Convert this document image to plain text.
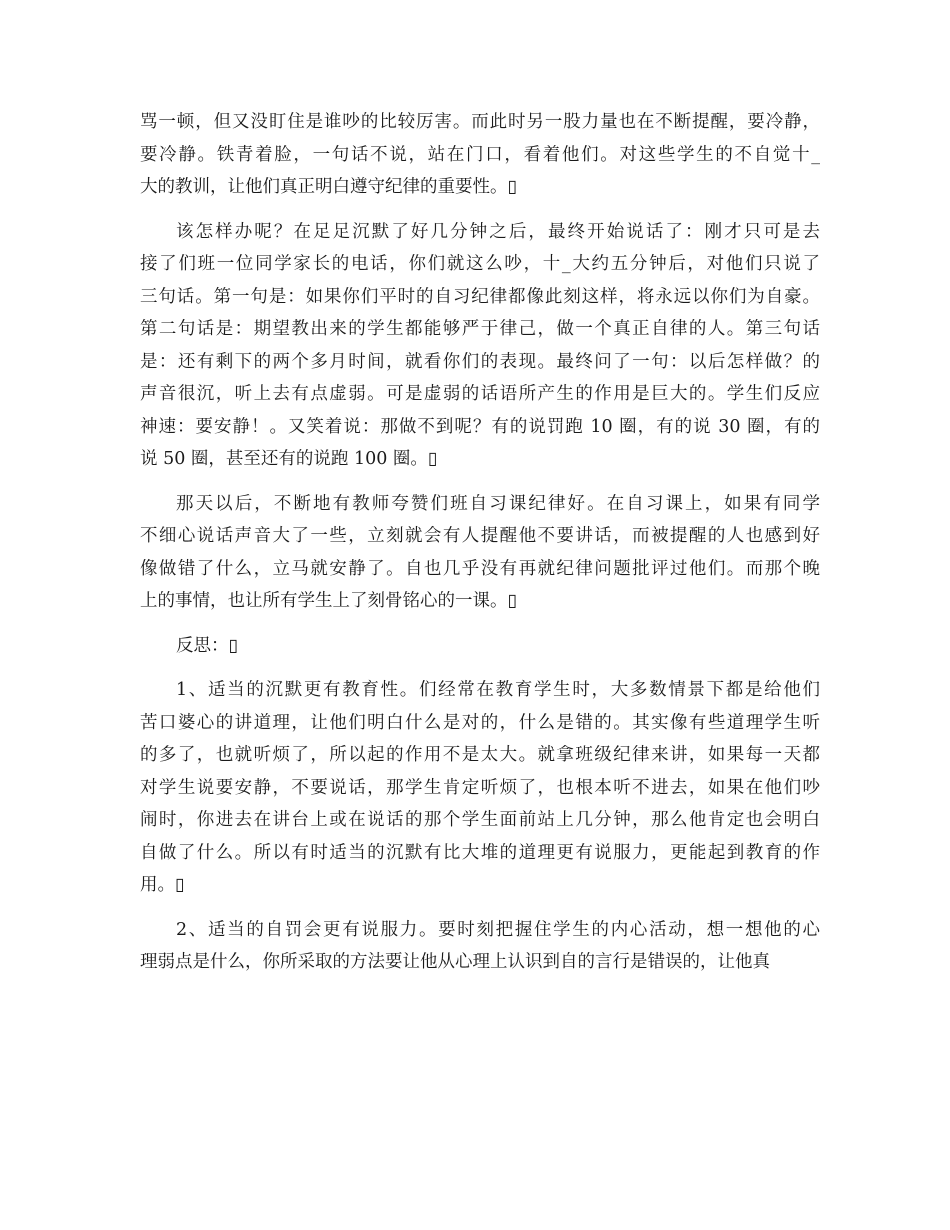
骂一顿，但又没盯住是谁吵的比较厉害。而此时另一股力量也在不断提醒，要冷静，
要冷静。铁青着脸，一句话不说，站在门口，看着他们。对这些学生的不自觉十_
大的教训，让他们真正明白遵守纪律的重要性。▯
该怎样办呢？在足足沉默了好几分钟之后，最终开始说话了：刚才只可是去
接了们班一位同学家长的电话，你们就这么吵，十_大约五分钟后，对他们只说了
三句话。第一句是：如果你们平时的自习纪律都像此刻这样，将永远以你们为自豪。
第二句话是：期望教出来的学生都能够严于律己，做一个真正自律的人。第三句话
是：还有剩下的两个多月时间，就看你们的表现。最终问了一句：以后怎样做？的
声音很沉，听上去有点虚弱。可是虚弱的话语所产生的作用是巨大的。学生们反应
神速：要安静！。又笑着说：那做不到呢？有的说罚跑 10 圈，有的说 30 圈，有的
说 50 圈，甚至还有的说跑 100 圈。▯
那天以后，不断地有教师夸赞们班自习课纪律好。在自习课上，如果有同学
不细心说话声音大了一些，立刻就会有人提醒他不要讲话，而被提醒的人也感到好
像做错了什么，立马就安静了。自也几乎没有再就纪律问题批评过他们。而那个晚
上的事情，也让所有学生上了刻骨铭心的一课。▯
反思：▯
1、适当的沉默更有教育性。们经常在教育学生时，大多数情景下都是给他们
苦口婆心的讲道理，让他们明白什么是对的，什么是错的。其实像有些道理学生听
的多了，也就听烦了，所以起的作用不是太大。就拿班级纪律来讲，如果每一天都
对学生说要安静，不要说话，那学生肯定听烦了，也根本听不进去，如果在他们吵
闹时，你进去在讲台上或在说话的那个学生面前站上几分钟，那么他肯定也会明白
自做了什么。所以有时适当的沉默有比大堆的道理更有说服力，更能起到教育的作
用。▯
2、适当的自罚会更有说服力。要时刻把握住学生的内心活动，想一想他的心
理弱点是什么，你所采取的方法要让他从心理上认识到自的言行是错误的，让他真
